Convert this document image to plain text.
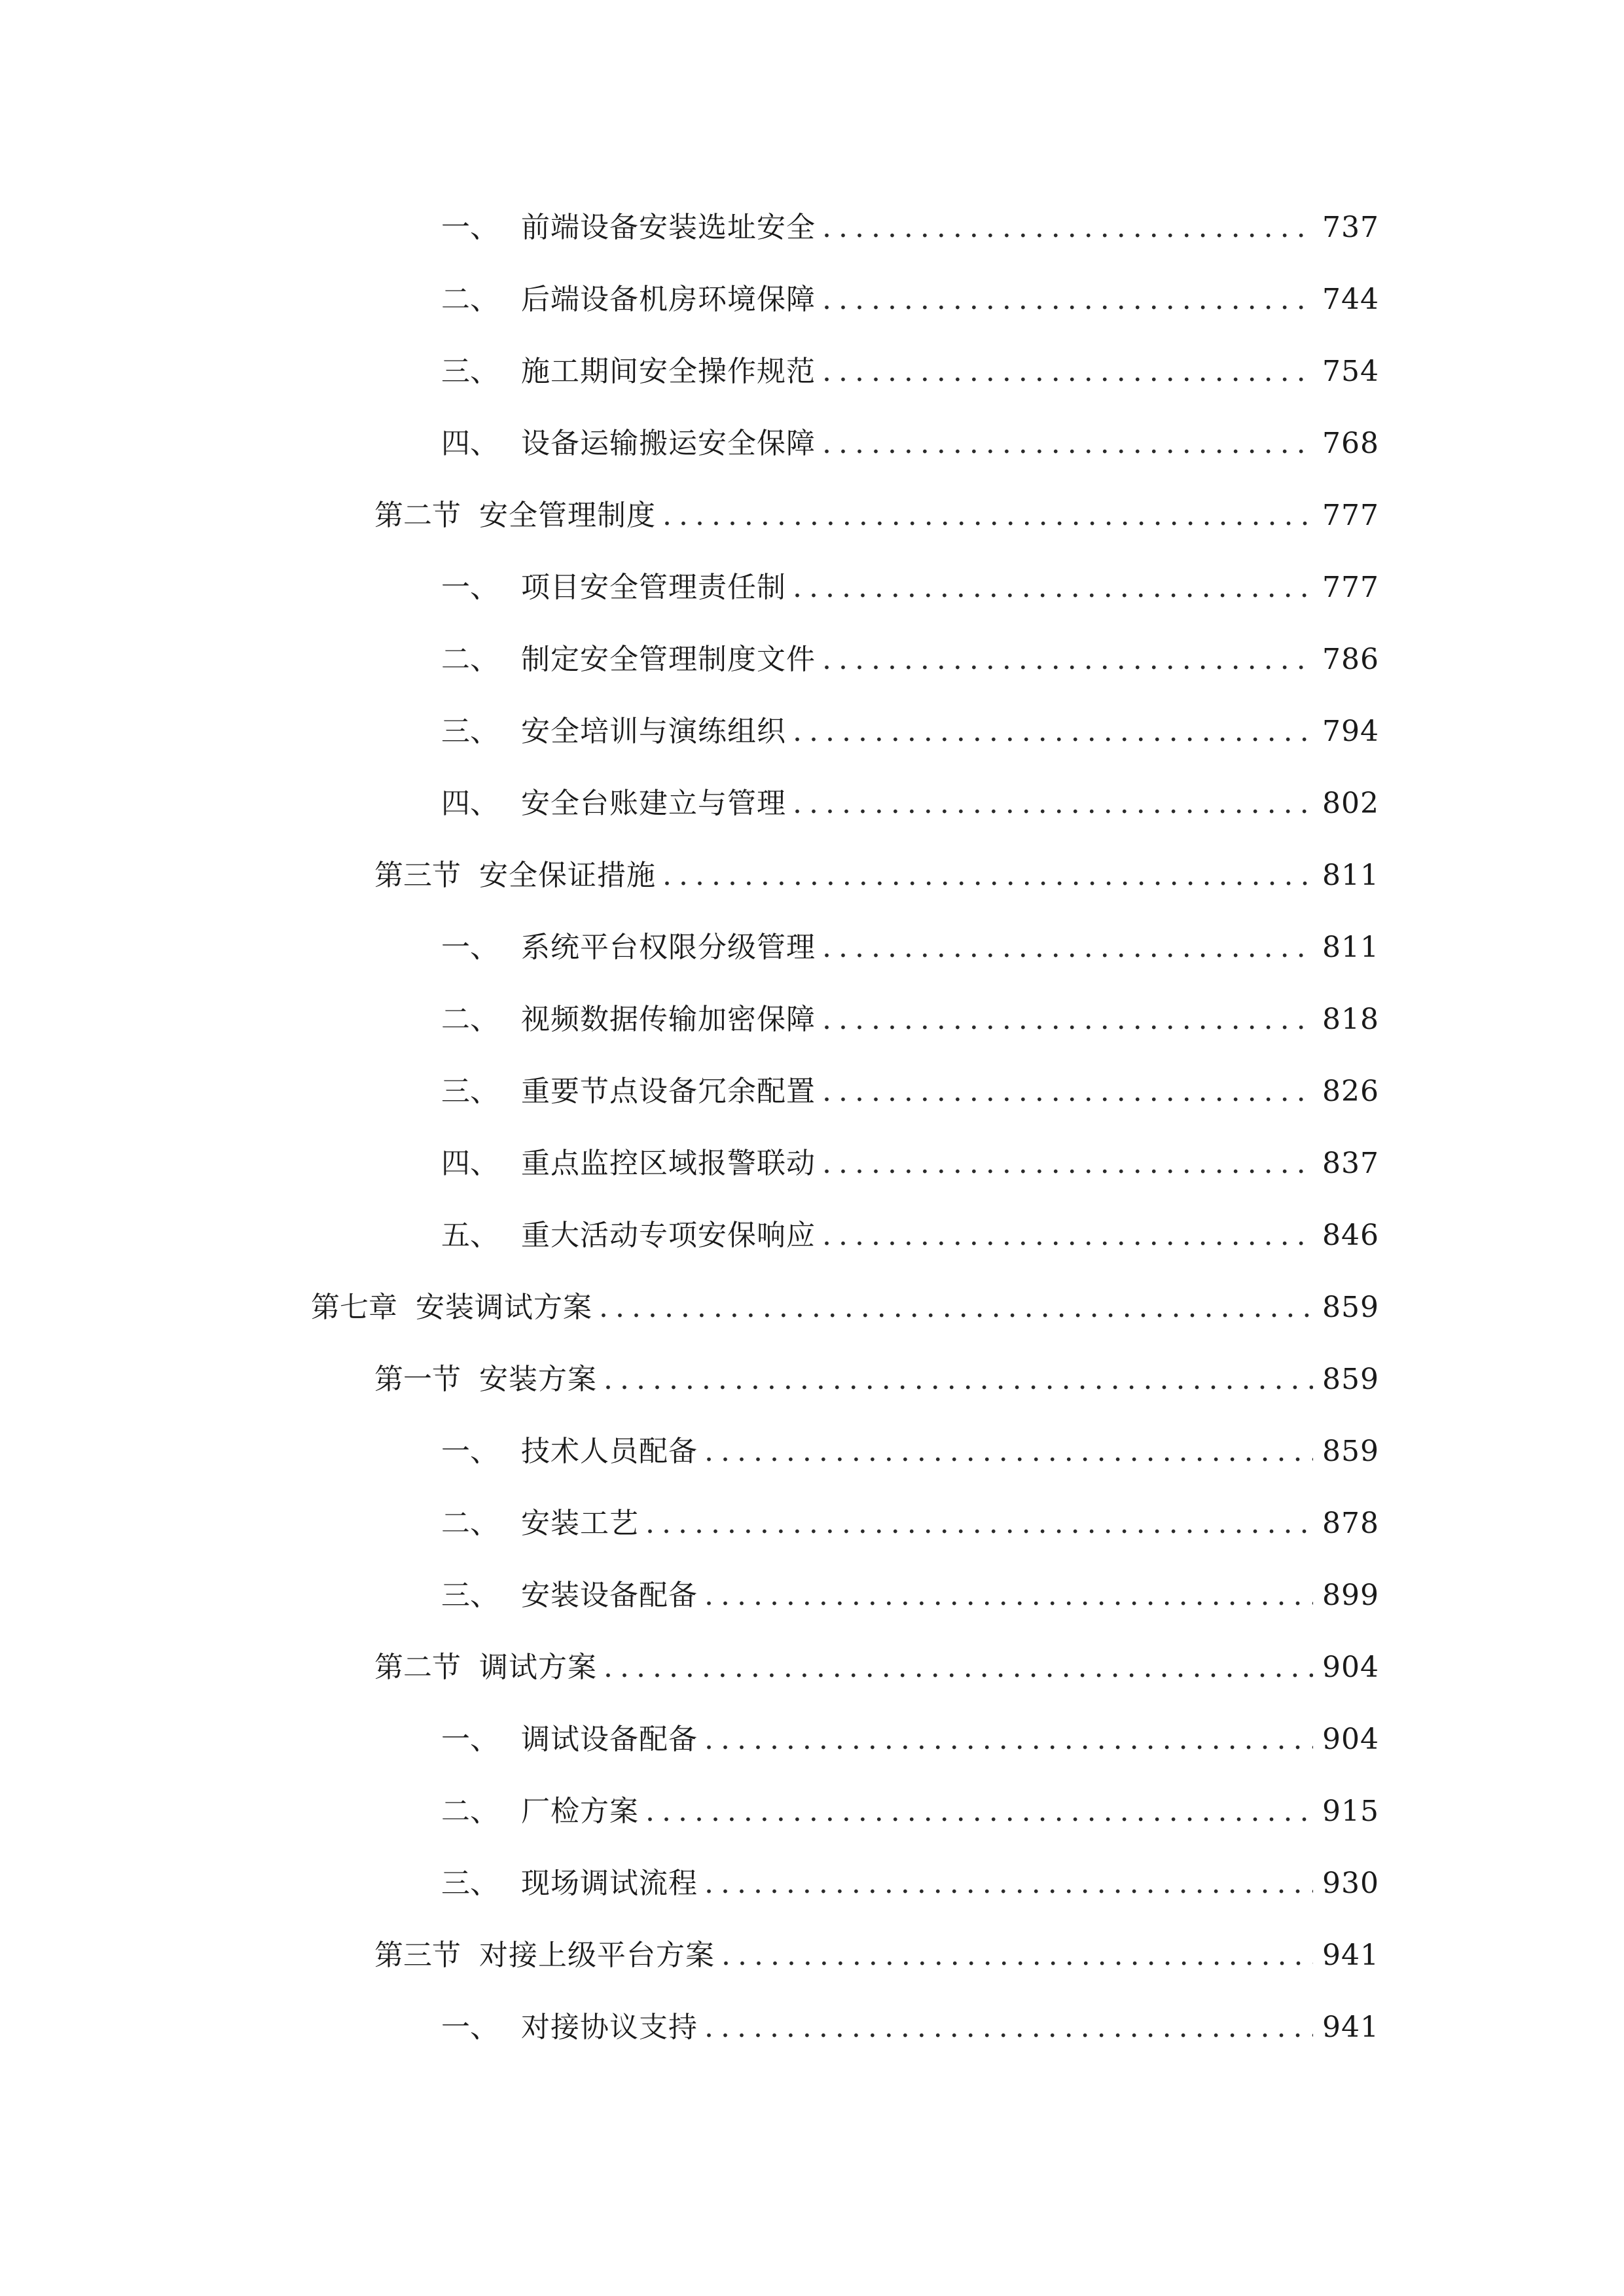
一、 前端设备安装选址安全 .....	737
二、 后端设备机房环境保障 .....	744
三、 施工期间安全操作规范 .....	754
四、 设备运输搬运安全保障 .....	768
第二节 安全管理制度 .....	777
一、 项目安全管理责任制 .....	777
二、 制定安全管理制度文件 .....	786
三、 安全培训与演练组织 .....	794
四、 安全台账建立与管理 .....	802
第三节 安全保证措施 .....	811
一、 系统平台权限分级管理 .....	811
二、 视频数据传输加密保障 .....	818
三、 重要节点设备冗余配置 .....	826
四、 重点监控区域报警联动 .....	837
五、 重大活动专项安保响应 .....	846
第七章 安装调试方案 .....	859
第一节 安装方案 .....	859
一、 技术人员配备 .....	859
二、 安装工艺 .....	878
三、 安装设备配备 .....	899
第二节 调试方案 .....	904
一、 调试设备配备 .....	904
二、 厂检方案 .....	915
三、 现场调试流程 .....	930
第三节 对接上级平台方案 .....	941
一、 对接协议支持 .....	941
